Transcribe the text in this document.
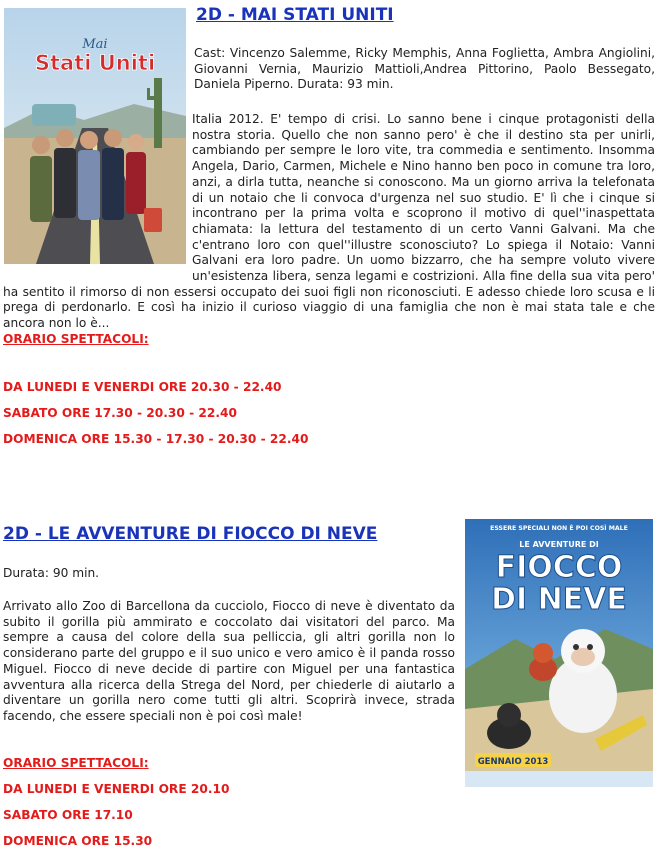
Mai
Stati Uniti
2D - MAI STATI UNITI

Cast: Vincenzo Salemme, Ricky Memphis, Anna Foglietta, Ambra Angiolini, Giovanni Vernia, Maurizio Mattioli,Andrea Pittorino, Paolo Bessegato, Daniela Piperno. Durata: 93 min.

Italia 2012. E' tempo di crisi. Lo sanno bene i cinque protagonisti della nostra storia. Quello che non sanno pero' è che il destino sta per unirli, cambiando per sempre le loro vite, tra commedia e sentimento. Insomma Angela, Dario, Carmen, Michele e Nino hanno ben poco in comune tra loro, anzi, a dirla tutta, neanche si conoscono. Ma un giorno arriva la telefonata di un notaio che li convoca d'urgenza nel suo studio. E' lì che i cinque si incontrano per la prima volta e scoprono il motivo di quel''inaspettata chiamata: la lettura del testamento di un certo Vanni Galvani. Ma che c'entrano loro con quel''illustre sconosciuto? Lo spiega il Notaio: Vanni Galvani era loro padre. Un uomo bizzarro, che ha sempre voluto vivere un'esistenza libera, senza legami e costrizioni. Alla fine della sua vita pero' ha sentito il rimorso di non essersi occupato dei suoi figli non riconosciuti. E adesso chiede loro scusa e li prega di perdonarlo. E così ha inizio il curioso viaggio di una famiglia che non è mai stata tale e che ancora non lo è...

ORARIO SPETTACOLI:

DA LUNEDI E VENERDI ORE 20.30 - 22.40

SABATO ORE 17.30 - 20.30 - 22.40

DOMENICA ORE 15.30 - 17.30 - 20.30 - 22.40

ESSERE SPECIALI NON È POI COSÌ MALE
LE AVVENTURE DI
FIOCCO
DI NEVE
GENNAIO 2013
2D - LE AVVENTURE DI FIOCCO DI NEVE

Durata: 90 min.

Arrivato allo Zoo di Barcellona da cucciolo, Fiocco di neve è diventato da subito il gorilla più ammirato e coccolato dai visitatori del parco. Ma sempre a causa del colore della sua pelliccia, gli altri gorilla non lo considerano parte del gruppo e il suo unico e vero amico è il panda rosso Miguel. Fiocco di neve decide di partire con Miguel per una fantastica avventura alla ricerca della Strega del Nord, per chiederle di aiutarlo a diventare un gorilla nero come tutti gli altri. Scoprirà invece, strada facendo, che essere speciali non è poi così male!

ORARIO SPETTACOLI:

DA LUNEDI E VENERDI ORE 20.10

SABATO ORE 17.10

DOMENICA ORE 15.30
